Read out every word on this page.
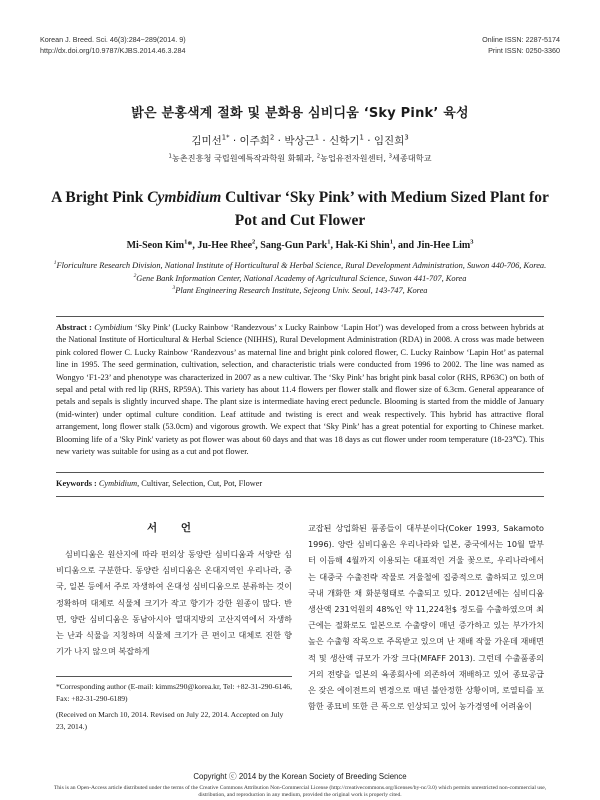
Korean J. Breed. Sci. 46(3):284~289(2014. 9)
http://dx.doi.org/10.9787/KJBS.2014.46.3.284
Online ISSN: 2287-5174
Print ISSN: 0250-3360
밝은 분홍색계 절화 및 분화용 심비디움 ‘Sky Pink’ 육성
김미선$^{1*}$ · 이주희$^2$ · 박상근$^1$ · 신학기$^1$ · 임진희$^3$
$^1$농촌진흥청 국립원예특작과학원 화훼과, $^2$농업유전자원센터, $^3$세종대학교
A Bright Pink Cymbidium Cultivar ‘Sky Pink’ with Medium Sized Plant for Pot and Cut Flower
Mi-Seon Kim$^1$*, Ju-Hee Rhee$^2$, Sang-Gun Park$^1$, Hak-Ki Shin$^1$, and Jin-Hee Lim$^3$
$^1$Floriculture Research Division, National Institute of Horticultural & Herbal Science, Rural Development Administration, Suwon 440-706, Korea.
$^2$Gene Bank Information Center, National Academy of Agricultural Science, Suwon 441-707, Korea
$^3$Plant Engineering Research Institute, Sejeong Univ. Seoul, 143-747, Korea
Abstract : Cymbidium ‘Sky Pink’ (Lucky Rainbow ‘Randezvous’ x Lucky Rainbow ‘Lapin Hot’) was developed from a cross between hybrids at the National Institute of Horticultural & Herbal Science (NIHHS), Rural Development Administration (RDA) in 2008. A cross was made between pink colored flower C. Lucky Rainbow ‘Randezvous’ as maternal line and bright pink colored flower, C. Lucky Rainbow ‘Lapin Hot’ as paternal line in 1995. The seed germination, cultivation, selection, and characteristic trials were conducted from 1996 to 2002. The line was named as Wongyo ‘F1-23’ and phenotype was characterized in 2007 as a new cultivar. The ‘Sky Pink’ has bright pink basal color (RHS, RP63C) on both of sepal and petal with red lip (RHS, RP59A). This variety has about 11.4 flowers per flower stalk and flower size of 6.3cm. General appearance of petals and sepals is slightly incurved shape. The plant size is intermediate having erect peduncle. Blooming is started from the middle of January (mid-winter) under optimal culture condition. Leaf attitude and twisting is erect and weak respectively. This hybrid has attractive floral arrangement, long flower stalk (53.0cm) and vigorous growth. We expect that ‘Sky Pink’ has a great potential for exporting to Chinese market. Blooming life of a 'Sky Pink' variety as pot flower was about 60 days and that was 18 days as cut flower under room temperature (18-23℃). This new variety was suitable for using as a cut and pot flower.
Keywords : Cymbidium, Cultivar, Selection, Cut, Pot, Flower
서 언
심비디움은 원산지에 따라 편의상 동양란 심비디움과 서양란 심비디움으로 구분한다. 동양란 심비디움은 온대지역인 우리나라, 중국, 일본 등에서 주로 자생하여 온대성 심비디움으로 분류하는 것이 정확하며 대체로 식물체 크기가 작고 향기가 강한 원종이 많다. 반면, 양란 심비디움은 동남아시아 열대지방의 고산지역에서 자생하는 난과 식물을 지칭하며 식물체 크기가 큰 편이고 대체로 진한 향기가 나지 않으며 복잡하게
교잡된 상업화된 품종들이 대부분이다(Coker 1993, Sakamoto 1996). 양란 심비디움은 우리나라와 일본, 중국에서는 10월 말부터 이듬해 4월까지 이용되는 대표적인 겨울 꽃으로, 우리나라에서는 대중국 수출전략 작물로 겨울철에 집중적으로 출하되고 있으며 국내 개화한 채 화분형태로 수출되고 있다. 2012년에는 심비디움 생산액 231억원의 48%인 약 11,224천$ 정도를 수출하였으며 최근에는 절화로도 일본으로 수출량이 매년 증가하고 있는 부가가치 높은 수출형 작목으로 주목받고 있으며 난 재배 작물 가운데 재배면적 및 생산액 규모가 가장 크다(MFAFF 2013). 그런데 수출품종의 거의 전량을 일본의 육종회사에 의존하여 재배하고 있어 종묘공급은 잦은 에이전트의 변경으로 매년 불안정한 상황이며, 로열티를 포함한 종묘비 또한 큰 폭으로 인상되고 있어 농가경영에 어려움이
*Corresponding author (E-mail: kimms290@korea.kr, Tel: +82-31-290-6146, Fax: +82-31-290-6189)
(Received on March 10, 2014. Revised on July 22, 2014. Accepted on July 23, 2014.)
Copyright ⓒ 2014 by the Korean Society of Breeding Science
This is an Open-Access article distributed under the terms of the Creative Commons Attribution Non-Commercial License (http://creativecommons.org/licenses/by-nc/3.0) which permits unrestricted non-commercial use, distribution, and reproduction in any medium, provided the original work is properly cited.
